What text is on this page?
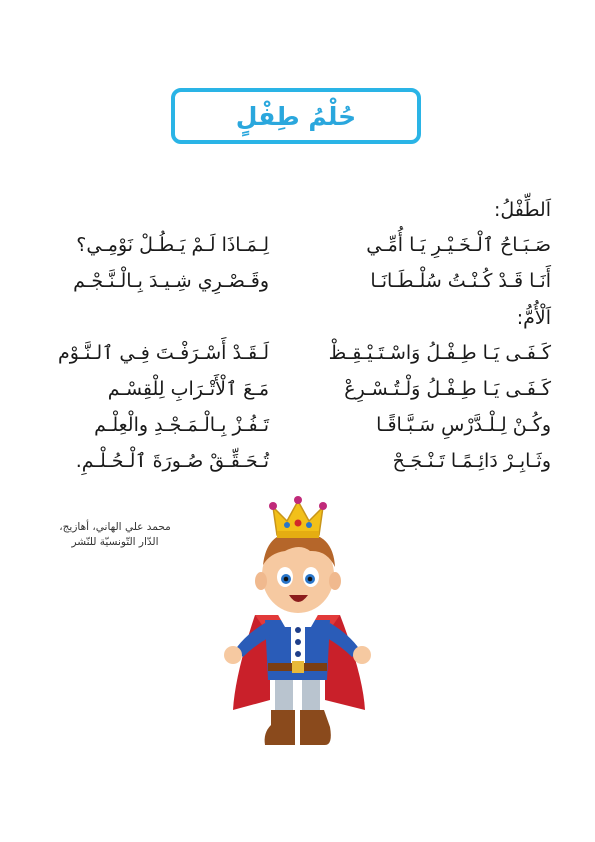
حُلْمُ طِفْلٍ
اَلطِّفْلُ:
صَـبَـاحُ ٱلْـخَـيْـرِ يَـا أُمِّـي
لِـمَـاذَا لَـمْ يَـطُـلْ نَوْمِـي؟
أَنَـا قَـدْ كُـنْـتُ سُلْـطَـانَـا
وقَـصْـرِي شِـيـدَ بِـالْـنَّـجْـم
اَلْأُمُّ:
كَـفَـى يَـا طِـفْـلُ وَاسْـتَـيْـقِـظْ
لَـقَـدْ أَسْـرَفْـتَ فِـي ٱلـنَّـوْم
كَـفَـى يَـا طِـفْـلُ وَلْـتُـسْـرِعْ
مَـعَ ٱلْأَتْـرَابِ لِلْقِسْـم
وكُـنْ لِـلْـدَّرْسِ سَـبَّـاقًـا
تَـفُـزْ بِـالْـمَـجْـدِ والْعِلْـم
وثَـابِـرْ دَائِـمًـا تَـنْـجَـحْ
تُـحَـقِّـقْ صُـورَةَ ٱلْـحُـلْـمِ.
محمد علي الهاني، أهازيج،
الدّار التّونسيّة للنّشر
